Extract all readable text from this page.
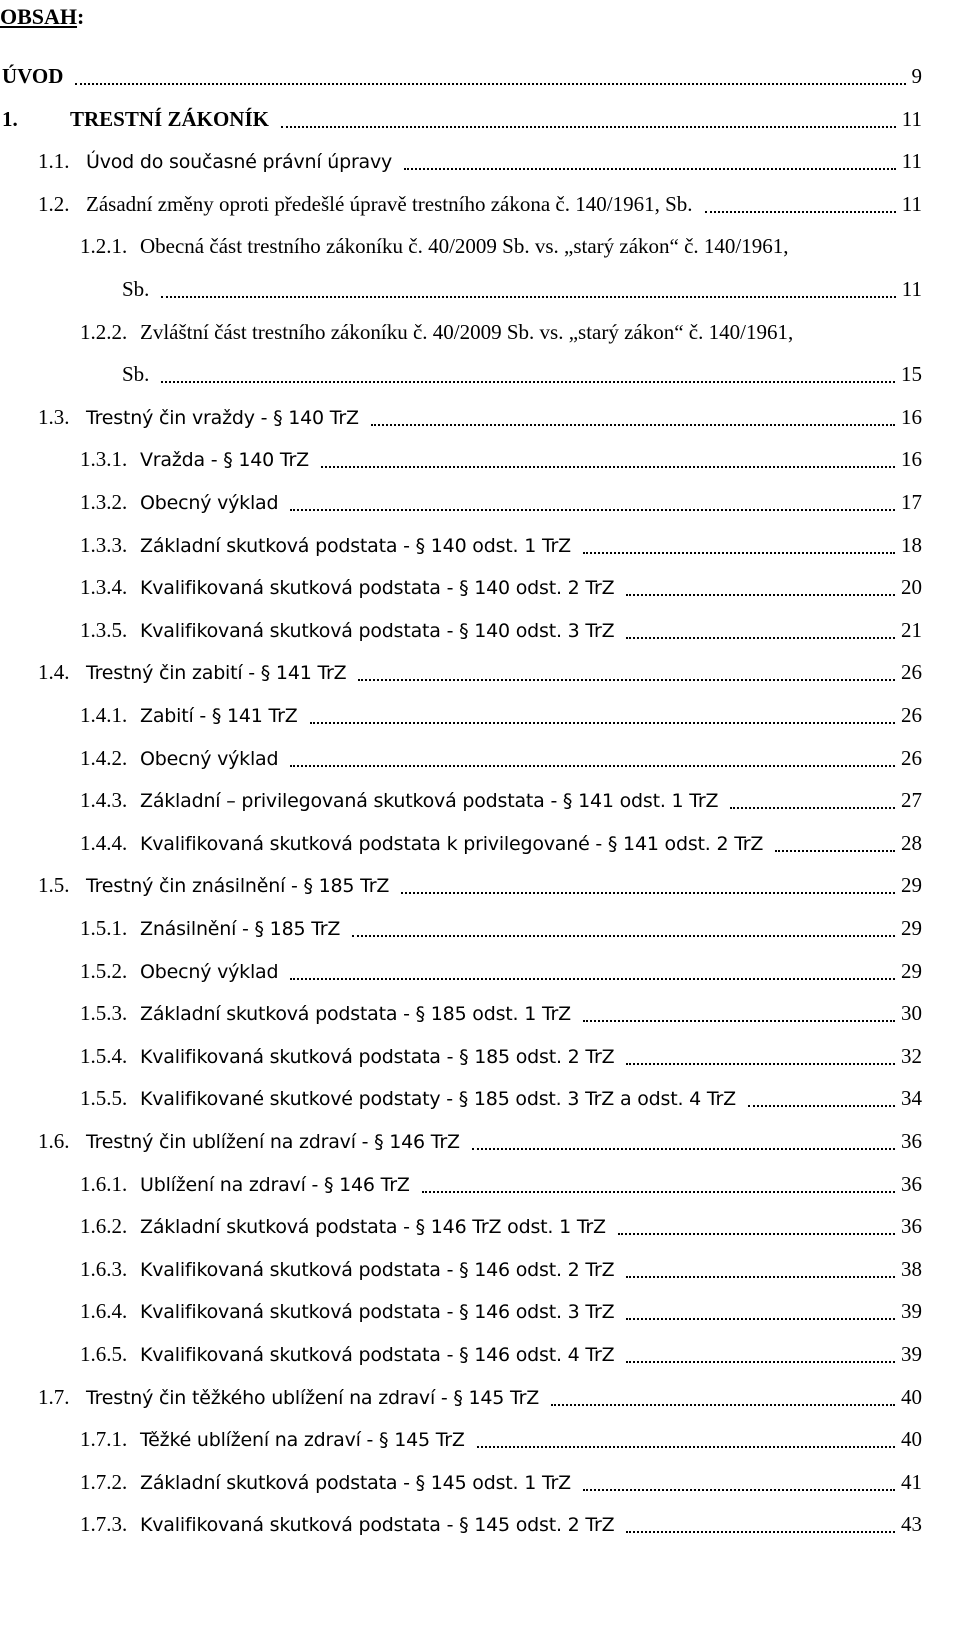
OBSAH:
ÚVOD	9
1.	TRESTNÍ ZÁKONÍK	11
1.1. Úvod do současné právní úpravy	11
1.2. Zásadní změny oproti předešlé úpravě trestního zákona č. 140/1961, Sb.	11
1.2.1. Obecná část trestního zákoníku č. 40/2009 Sb. vs. „starý zákon“ č. 140/1961,
Sb.	11
1.2.2. Zvláštní část trestního zákoníku č. 40/2009 Sb. vs. „starý zákon“ č. 140/1961,
Sb.	15
1.3. Trestný čin vraždy - § 140 TrZ	16
1.3.1. Vražda - § 140 TrZ	16
1.3.2. Obecný výklad	17
1.3.3. Základní skutková podstata - § 140 odst. 1 TrZ	18
1.3.4. Kvalifikovaná skutková podstata - § 140 odst. 2 TrZ	20
1.3.5. Kvalifikovaná skutková podstata - § 140 odst. 3 TrZ	21
1.4. Trestný čin zabití - § 141 TrZ	26
1.4.1. Zabití - § 141 TrZ	26
1.4.2. Obecný výklad	26
1.4.3. Základní – privilegovaná skutková podstata - § 141 odst. 1 TrZ	27
1.4.4. Kvalifikovaná skutková podstata k privilegované - § 141 odst. 2 TrZ	28
1.5. Trestný čin znásilnění - § 185 TrZ	29
1.5.1. Znásilnění - § 185 TrZ	29
1.5.2. Obecný výklad	29
1.5.3. Základní skutková podstata - § 185 odst. 1 TrZ	30
1.5.4. Kvalifikovaná skutková podstata - § 185 odst. 2 TrZ	32
1.5.5. Kvalifikované skutkové podstaty - § 185 odst. 3 TrZ a odst. 4 TrZ	34
1.6. Trestný čin ublížení na zdraví - § 146 TrZ	36
1.6.1. Ublížení na zdraví - § 146 TrZ	36
1.6.2. Základní skutková podstata - § 146 TrZ odst. 1 TrZ	36
1.6.3. Kvalifikovaná skutková podstata - § 146 odst. 2 TrZ	38
1.6.4. Kvalifikovaná skutková podstata - § 146 odst. 3 TrZ	39
1.6.5. Kvalifikovaná skutková podstata - § 146 odst. 4 TrZ	39
1.7. Trestný čin těžkého ublížení na zdraví - § 145 TrZ	40
1.7.1. Těžké ublížení na zdraví - § 145 TrZ	40
1.7.2. Základní skutková podstata - § 145 odst. 1 TrZ	41
1.7.3. Kvalifikovaná skutková podstata - § 145 odst. 2 TrZ	43
